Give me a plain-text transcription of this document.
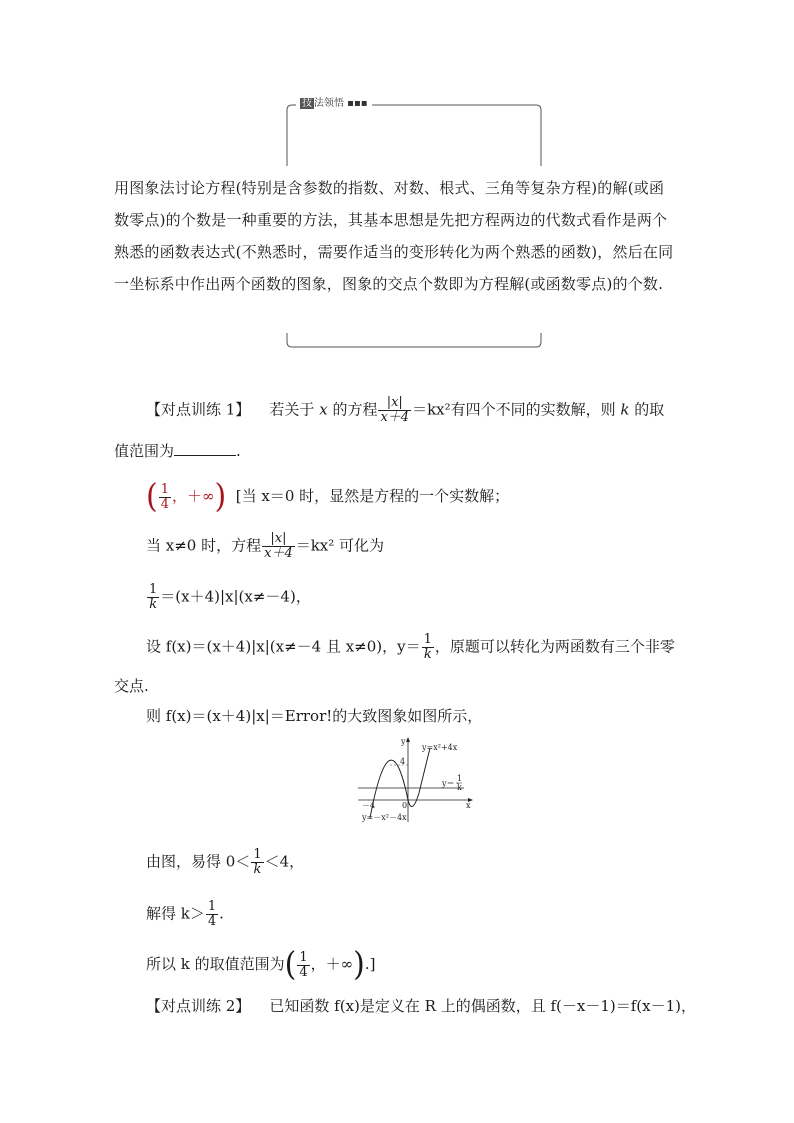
技 法领悟 ▪▪▪
用图象法讨论方程(特别是含参数的指数、对数、根式、三角等复杂方程)的解(或函数零点)的个数是一种重要的方法，其基本思想是先把方程两边的代数式看作是两个熟悉的函数表达式(不熟悉时，需要作适当的变形转化为两个熟悉的函数)，然后在同一坐标系中作出两个函数的图象，图象的交点个数即为方程解(或函数零点)的个数.
【对点训练 1】 若关于 x 的方程 $\frac{|x|}{x+4} =kx^2$有四个不同的实数解，则 k 的取
值范围为	.
( $\frac{1}{4}$ ，＋∞) [当 x＝0 时，显然是方程的一个实数解；
当 x≠0 时，方程 $\frac{|x|}{x+4} =kx^2$ 可化为
$\frac{1}{k} =(x+4)|x|(x\ne-4)$，
设 f(x)＝(x＋4)|x|(x≠－4 且 x≠0)，$y= \frac{1}{k}$ ，原题可以转化为两函数有三个非零
交点.
则 f(x)＝(x＋4)|x|＝Error!的大致图象如图所示，
y
x
0
4
－4
y=x²+4x
y=－x²－4x
y＝
1
k
由图，易得 $0< \frac{1}{k} <4$，
解得 $k> \frac{1}{4}$ .
所以 k 的取值范围为( $\frac{1}{4}$ ，＋∞).]
【对点训练 2】 已知函数 f(x)是定义在 R 上的偶函数，且 f(－x－1)＝f(x－1)，
